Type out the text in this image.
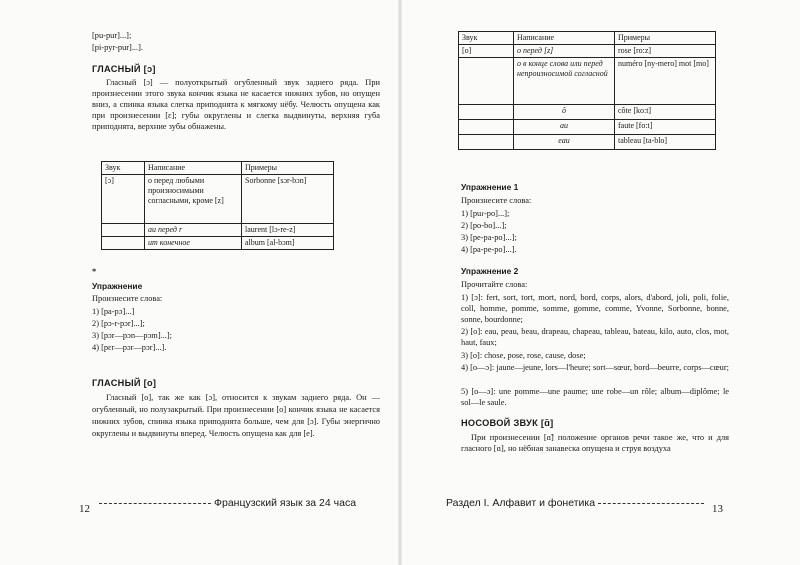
[pu-pur]...];
[pi-pyr-pur]...].
ГЛАСНЫЙ [ɔ]
Гласный [ɔ] — полуоткрытый огубленный звук заднего ряда. При произнесении этого звука кончик языка не касается нижних зубов, но опущен вниз, а спинка языка слегка приподнята к мягкому нёбу. Челюсть опущена как при произнесении [ɛ]; губы округлены и слегка выдвинуты, верхняя губа приподнята, верхние зубы обнажены.
Звук	Написание	Примеры
[ɔ]	o перед любыми произносимыми согласными, кроме [z]	Sorbonne [sɔr-bɔn]
	au перед r	laurent [lɔ-re-z]
	um конечное	album [al-bɔm]
*
Упражнение
Произнесите слова:
1) [pa-pɔ]...]
2) [pɔ-r-pɔr]...];
3) [pɔr—pɔn—pɔm]...];
4) [pɛr—pɔr—pɔr]...].
ГЛАСНЫЙ [o]
Гласный [o], так же как [ɔ], относится к звукам заднего ряда. Он — огубленный, но полузакрытый. При произнесении [o] кончик языка не касается нижних зубов, спинка языка приподнята больше, чем для [ɔ]. Губы энергично округлены и выдвинуты вперед. Челюсть опущена как для [e].
12	Французский язык за 24 часа
Звук	Написание	Примеры
[o]	o перед [z]	rose [ro:z]
	o в конце слова или перед непроизносимой согласной	numéro [ny-mero] mot [mo]
	ô	côte [ko:t]
	au	faute [fo:t]
	eau	tableau [ta-blo]
Упражнение 1
Произнесите слова:
1) [puɾ-po]...];
2) [po-bo]...];
3) [pe-pa-po]...];
4) [pa-pe-po]...].
Упражнение 2
Прочитайте слова:
1) [ɔ]: fert, sort, tort, mort, nord, bord, corps, alors, d'abord, joli, poli, folie, coll, homme, pomme, somme, gomme, comme, Yvonne, Sorbonne, bonne, sonne, bourdonne;
2) [o]: eau, peau, beau, drapeau, chapeau, tableau, bateau, kilo, auto, clos, mot, haut, faux;
3) [o]: chose, pose, rose, cause, dose;
4) [o—ɔ]: jaune—jeune, lors—l'heure; sort—sœur, bord—beurre, corps—cœur;
5) [o—ɔ]: une pomme—une paume; une robe—un rôle; album—diplôme; le sol—le saule.
НОСОВОЙ ЗВУК [ɑ̃]
При произнесении [ɑ̃] положение органов речи такое же, что и для гласного [ɑ], но нёбная занавеска опущена и струя воздуха
Раздел I. Алфавит и фонетика	13
